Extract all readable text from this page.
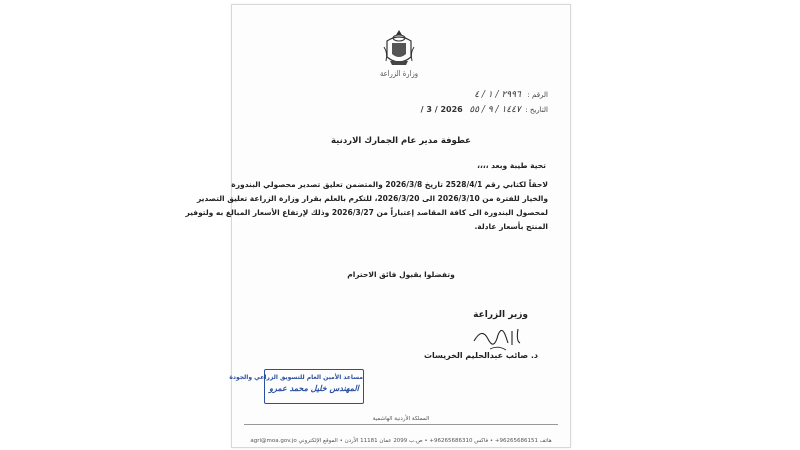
وزارة الزراعة
الرقم :   ٢٩٩٦ / ١ / ٤
التاريخ :  ١٤٤٧ / ٩ / ٥٥   2026 / 3 /
عطوفة مدير عام الجمارك الاردنية
تحية طيبة وبعد ،،،،
لاحقاً لكتابي رقم 2528/4/1 تاريخ 2026/3/8 والمتضمن تعليق تصدير محصولي البندورة
والخيار للفترة من 2026/3/10 الى 2026/3/20، للتكرم بالعلم بقرار وزارة الزراعة تعليق التصدير
لمحصول البندورة الى كافة المقاصد إعتباراً من 2026/3/27 وذلك لإرتفاع الأسعار المبالغ به ولتوفير
المنتج بأسعار عادلة.
وتفضلوا بقبول فائق الاحترام
وزير الزراعة
د. صائب عبدالحليم الخريسات
مساعد الأمين العام للتسويق الزراعي والجودة
المهندس خليل محمد عمرو
المملكة الأردنية الهاشمية
هاتف 96265686151+ • فاكس 96265686310+ • ص.ب 2099 عمان 11181 الأردن • الموقع الإلكتروني agri@moa.gov.jo
